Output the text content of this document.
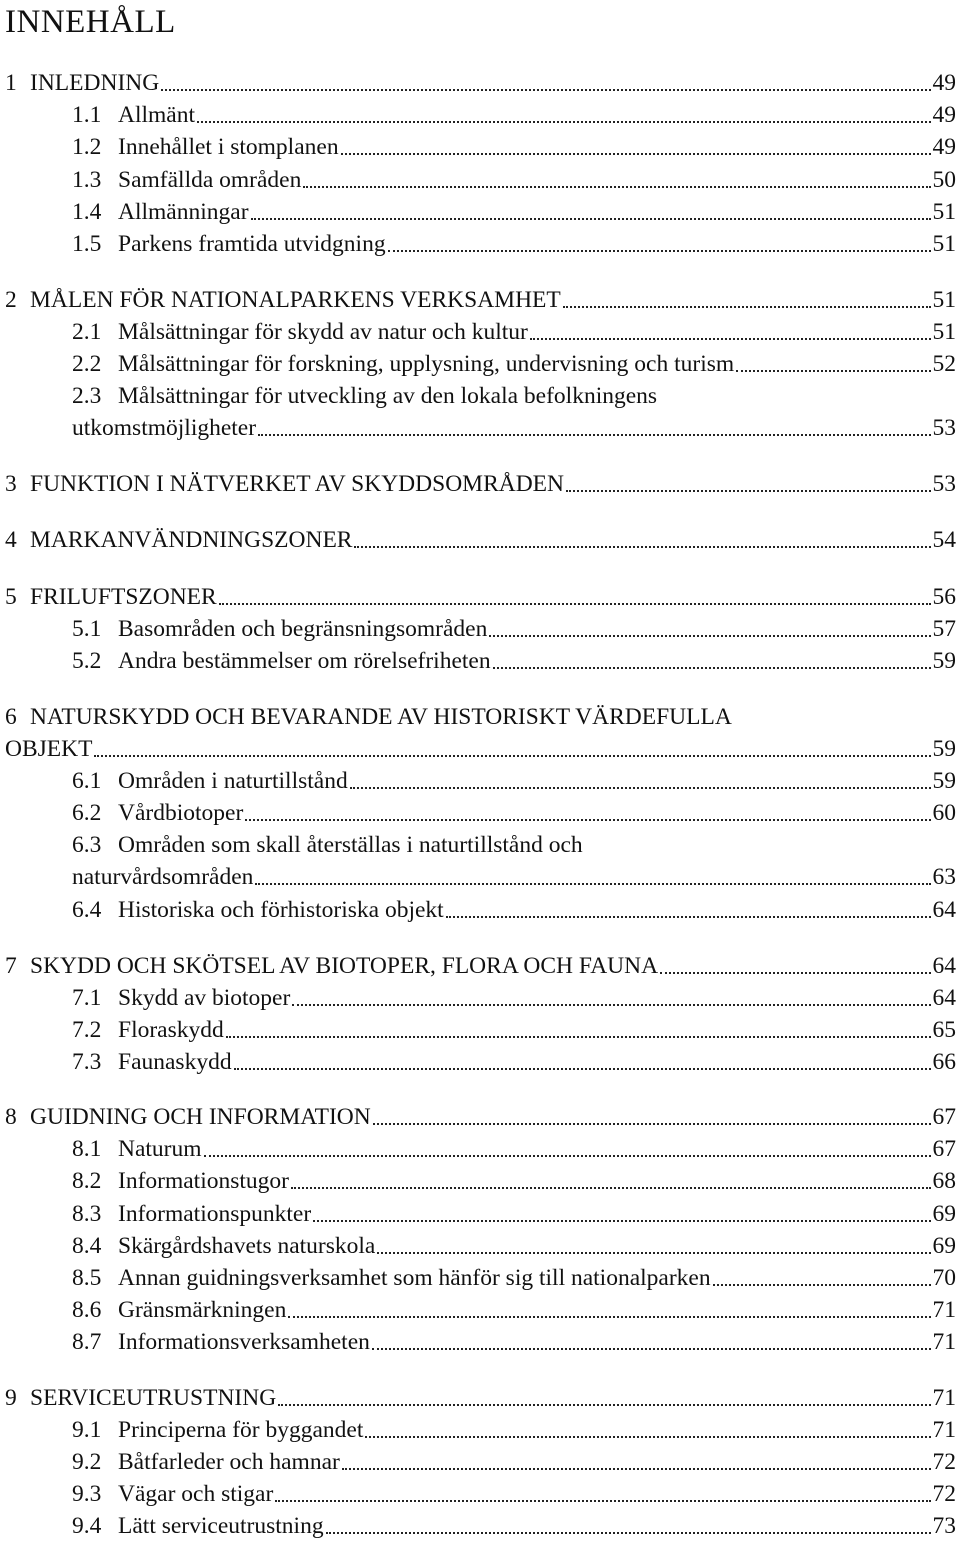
INNEHÅLL
1 INLEDNING	49
1.1 Allmänt	49
1.2 Innehållet i stomplanen	49
1.3 Samfällda områden	50
1.4 Allmänningar	51
1.5 Parkens framtida utvidgning	51
2 MÅLEN FÖR NATIONALPARKENS VERKSAMHET	51
2.1 Målsättningar för skydd av natur och kultur	51
2.2 Målsättningar för forskning, upplysning, undervisning och turism	52
2.3 Målsättningar för utveckling av den lokala befolkningens
utkomstmöjligheter	53
3 FUNKTION I NÄTVERKET AV SKYDDSOMRÅDEN	53
4 MARKANVÄNDNINGSZONER	54
5 FRILUFTSZONER	56
5.1 Basområden och begränsningsområden	57
5.2 Andra bestämmelser om rörelsefriheten	59
6 NATURSKYDD OCH BEVARANDE AV HISTORISKT VÄRDEFULLA
OBJEKT	59
6.1 Områden i naturtillstånd	59
6.2 Vårdbiotoper	60
6.3 Områden som skall återställas i naturtillstånd och
naturvårdsområden	63
6.4 Historiska och förhistoriska objekt	64
7 SKYDD OCH SKÖTSEL AV BIOTOPER, FLORA OCH FAUNA	64
7.1 Skydd av biotoper	64
7.2 Floraskydd	65
7.3 Faunaskydd	66
8 GUIDNING OCH INFORMATION	67
8.1 Naturum	67
8.2 Informationstugor	68
8.3 Informationspunkter	69
8.4 Skärgårdshavets naturskola	69
8.5 Annan guidningsverksamhet som hänför sig till nationalparken	70
8.6 Gränsmärkningen	71
8.7 Informationsverksamheten	71
9 SERVICEUTRUSTNING	71
9.1 Principerna för byggandet	71
9.2 Båtfarleder och hamnar	72
9.3 Vägar och stigar	72
9.4 Lätt serviceutrustning	73
